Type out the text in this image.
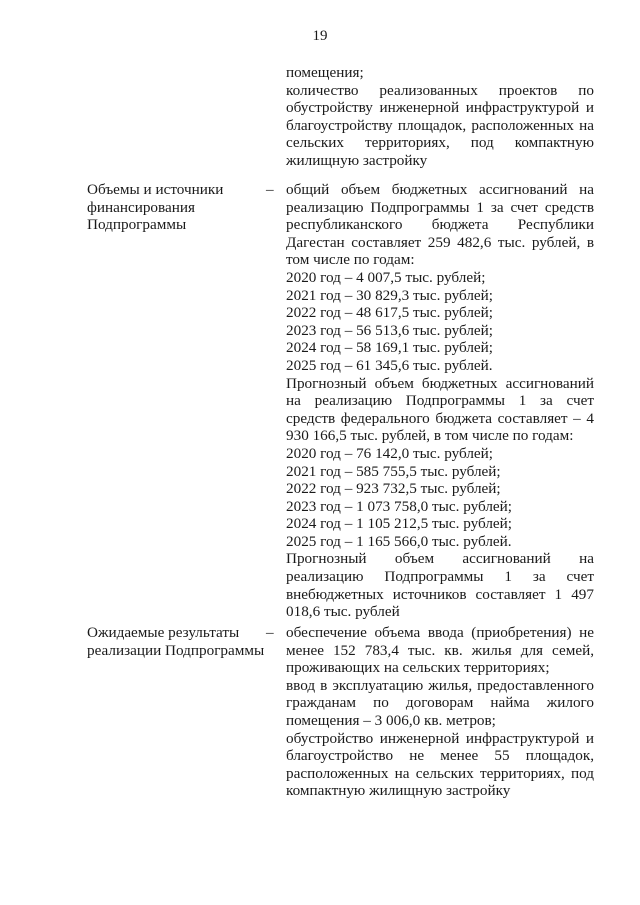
19
помещения;
количество реализованных проектов по обустройству инженерной инфраструктурой и благоустройству площадок, расположенных на сельских территориях, под компактную жилищную застройку
Объемы и источники финансирования Подпрограммы
– общий объем бюджетных ассигнований на реализацию Подпрограммы 1 за счет средств республиканского бюджета Республики Дагестан составляет 259 482,6 тыс. рублей, в том числе по годам:
2020 год – 4 007,5 тыс. рублей;
2021 год – 30 829,3 тыс. рублей;
2022 год – 48 617,5 тыс. рублей;
2023 год – 56 513,6 тыс. рублей;
2024 год – 58 169,1 тыс. рублей;
2025 год – 61 345,6 тыс. рублей.
Прогнозный объем бюджетных ассигнований на реализацию Подпрограммы 1 за счет средств федерального бюджета составляет – 4 930 166,5 тыс. рублей, в том числе по годам:
2020 год – 76 142,0 тыс. рублей;
2021 год – 585 755,5 тыс. рублей;
2022 год – 923 732,5 тыс. рублей;
2023 год – 1 073 758,0 тыс. рублей;
2024 год – 1 105 212,5 тыс. рублей;
2025 год – 1 165 566,0 тыс. рублей.
Прогнозный объем ассигнований на реализацию Подпрограммы 1 за счет внебюджетных источников составляет 1 497 018,6 тыс. рублей
Ожидаемые результаты реализации Подпрограммы
– обеспечение объема ввода (приобретения) не менее 152 783,4 тыс. кв. жилья для семей, проживающих на сельских территориях;
ввод в эксплуатацию жилья, предоставленного гражданам по договорам найма жилого помещения – 3 006,0 кв. метров;
обустройство инженерной инфраструктурой и благоустройство не менее 55 площадок, расположенных на сельских территориях, под компактную жилищную застройку
